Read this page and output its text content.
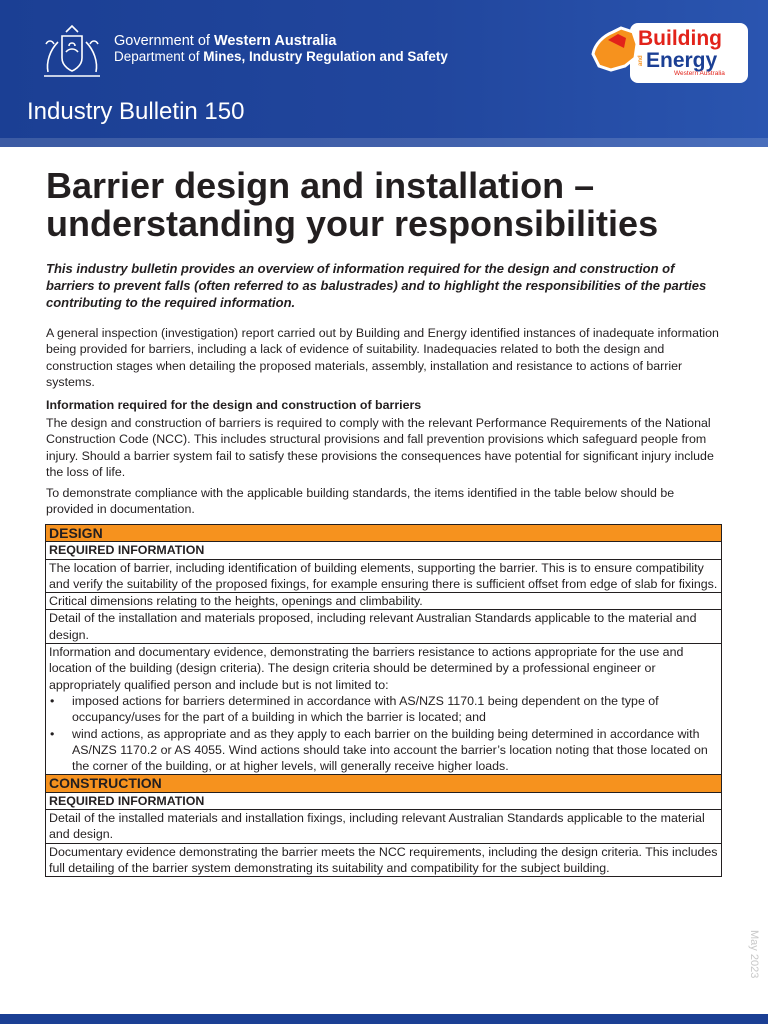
Government of Western Australia
Department of Mines, Industry Regulation and Safety
Industry Bulletin 150
Building
and Energy
Western Australia
Barrier design and installation – understanding your responsibilities

This industry bulletin provides an overview of information required for the design and construction of barriers to prevent falls (often referred to as balustrades) and to highlight the responsibilities of the parties contributing to the required information.

A general inspection (investigation) report carried out by Building and Energy identified instances of inadequate information being provided for barriers, including a lack of evidence of suitability. Inadequacies related to both the design and construction stages when detailing the proposed materials, assembly, installation and resistance to actions of barrier systems.

Information required for the design and construction of barriers

The design and construction of barriers is required to comply with the relevant Performance Requirements of the National Construction Code (NCC). This includes structural provisions and fall prevention provisions which safeguard people from injury. Should a barrier system fail to satisfy these provisions the consequences have potential for significant injury include the loss of life.

To demonstrate compliance with the applicable building standards, the items identified in the table below should be provided in documentation.

DESIGN
REQUIRED INFORMATION
The location of barrier, including identification of building elements, supporting the barrier. This is to ensure compatibility and verify the suitability of the proposed fixings, for example ensuring there is sufficient offset from edge of slab for fixings.
Critical dimensions relating to the heights, openings and climbability.
Detail of the installation and materials proposed, including relevant Australian Standards applicable to the material and design.

Information and documentary evidence, demonstrating the barriers resistance to actions appropriate for the use and location of the building (design criteria). The design criteria should be determined by a professional engineer or appropriately qualified person and include but is not limited to:
• imposed actions for barriers determined in accordance with AS/NZS 1170.1 being dependent on the type of occupancy/uses for the part of a building in which the barrier is located; and
• wind actions, as appropriate and as they apply to each barrier on the building being determined in accordance with AS/NZS 1170.2 or AS 4055. Wind actions should take into account the barrier’s location noting that those located on the corner of the building, or at higher levels, will generally receive higher loads.

CONSTRUCTION
REQUIRED INFORMATION
Detail of the installed materials and installation fixings, including relevant Australian Standards applicable to the material and design.
Documentary evidence demonstrating the barrier meets the NCC requirements, including the design criteria. This includes full detailing of the barrier system demonstrating its suitability and compatibility for the subject building.
May 2023
